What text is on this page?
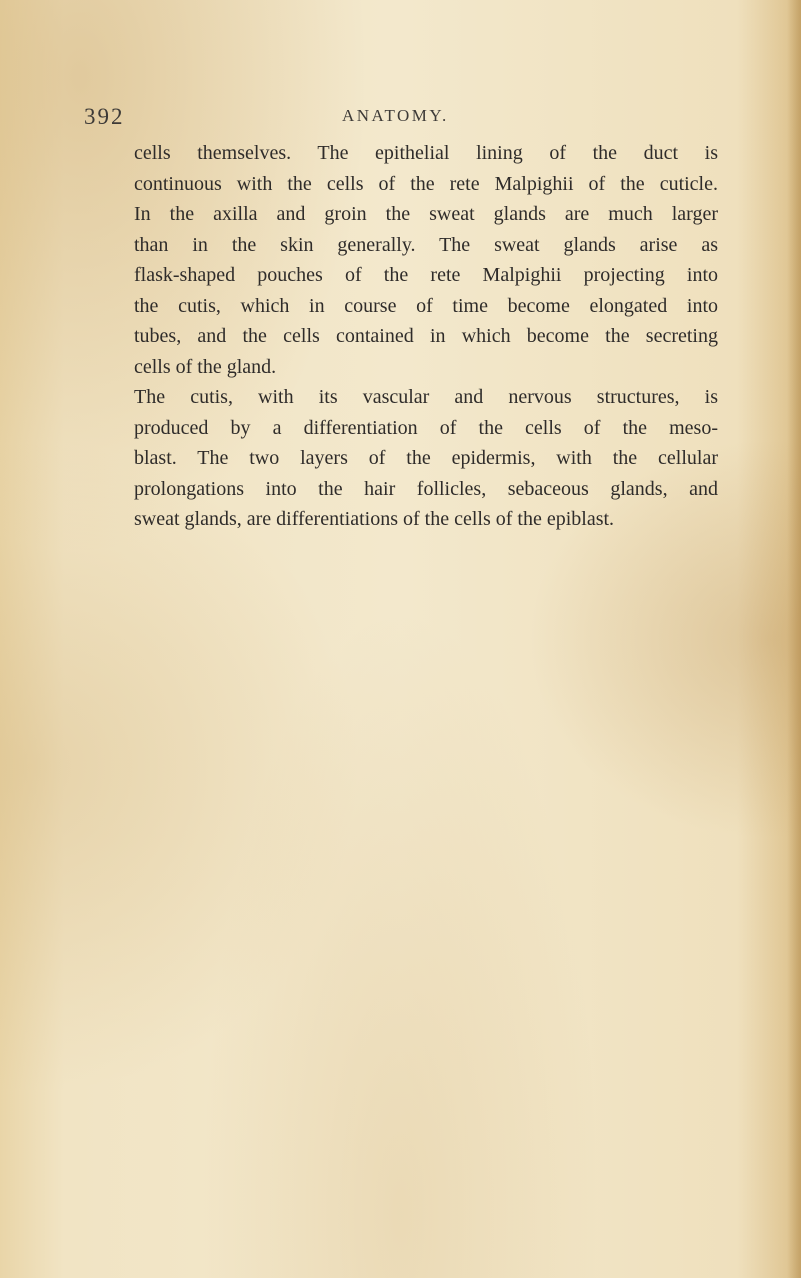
392	ANATOMY.
cells themselves. The epithelial lining of the duct is
continuous with the cells of the rete Malpighii of the cuticle.
In the axilla and groin the sweat glands are much larger
than in the skin generally. The sweat glands arise as
flask-shaped pouches of the rete Malpighii projecting into
the cutis, which in course of time become elongated into
tubes, and the cells contained in which become the secreting
cells of the gland.
The cutis, with its vascular and nervous structures, is
produced by a differentiation of the cells of the meso-
blast. The two layers of the epidermis, with the cellular
prolongations into the hair follicles, sebaceous glands, and
sweat glands, are differentiations of the cells of the epiblast.
